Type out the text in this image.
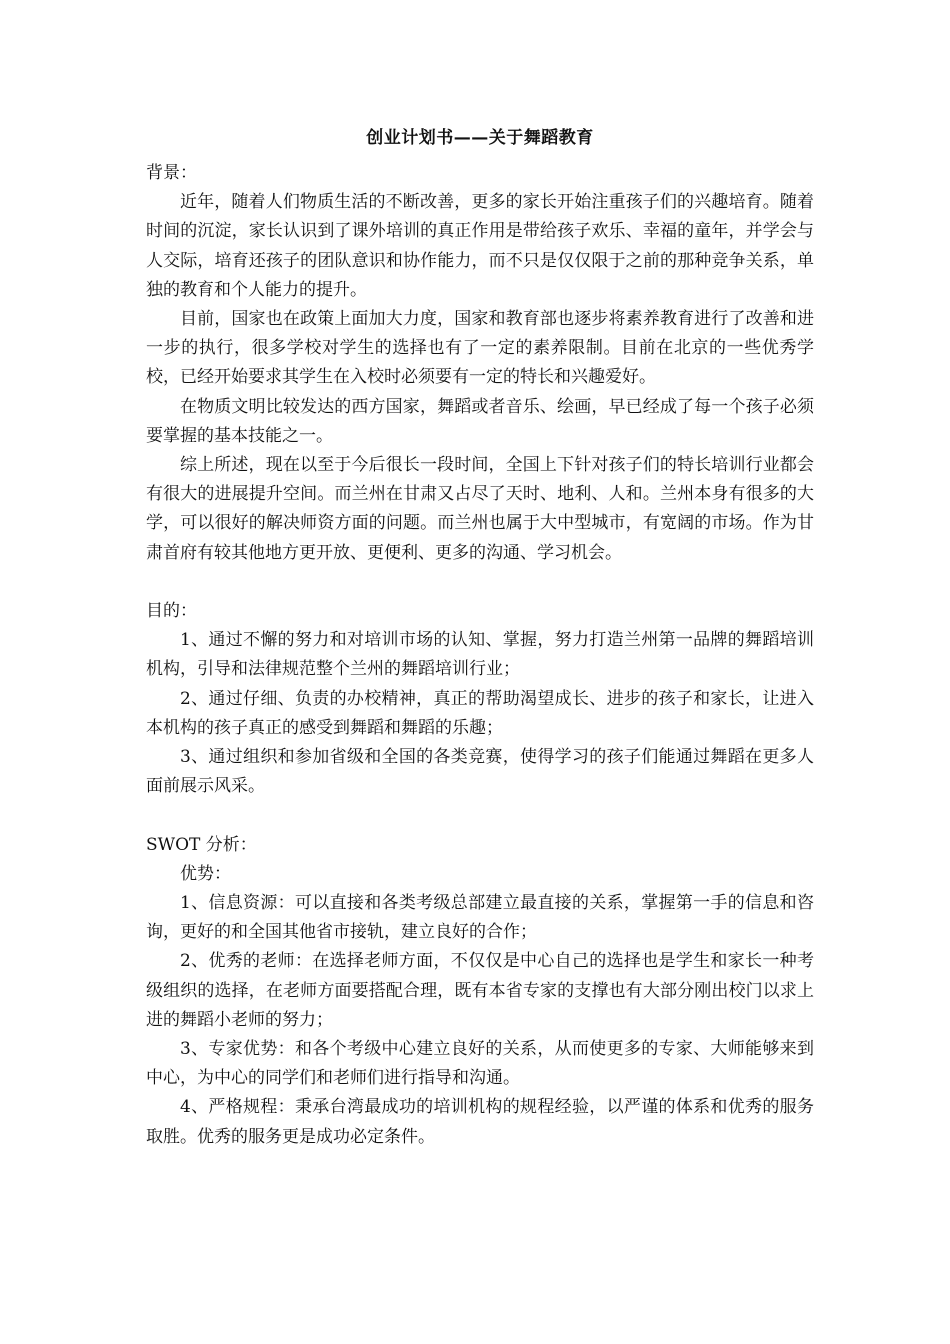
创业计划书——关于舞蹈教育

背景：

近年，随着人们物质生活的不断改善，更多的家长开始注重孩子们的兴趣培育。随着时间的沉淀，家长认识到了课外培训的真正作用是带给孩子欢乐、幸福的童年，并学会与人交际，培育还孩子的团队意识和协作能力，而不只是仅仅限于之前的那种竞争关系，单独的教育和个人能力的提升。

目前，国家也在政策上面加大力度，国家和教育部也逐步将素养教育进行了改善和进一步的执行，很多学校对学生的选择也有了一定的素养限制。目前在北京的一些优秀学校，已经开始要求其学生在入校时必须要有一定的特长和兴趣爱好。

在物质文明比较发达的西方国家，舞蹈或者音乐、绘画，早已经成了每一个孩子必须要掌握的基本技能之一。

综上所述，现在以至于今后很长一段时间，全国上下针对孩子们的特长培训行业都会有很大的进展提升空间。而兰州在甘肃又占尽了天时、地利、人和。兰州本身有很多的大学，可以很好的解决师资方面的问题。而兰州也属于大中型城市，有宽阔的市场。作为甘肃首府有较其他地方更开放、更便利、更多的沟通、学习机会。

目的：

1、通过不懈的努力和对培训市场的认知、掌握，努力打造兰州第一品牌的舞蹈培训机构，引导和法律规范整个兰州的舞蹈培训行业；

2、通过仔细、负责的办校精神，真正的帮助渴望成长、进步的孩子和家长，让进入本机构的孩子真正的感受到舞蹈和舞蹈的乐趣；

3、通过组织和参加省级和全国的各类竞赛，使得学习的孩子们能通过舞蹈在更多人面前展示风采。

SWOT 分析：

优势：

1、信息资源：可以直接和各类考级总部建立最直接的关系，掌握第一手的信息和咨询，更好的和全国其他省市接轨，建立良好的合作；

2、优秀的老师：在选择老师方面，不仅仅是中心自己的选择也是学生和家长一种考级组织的选择，在老师方面要搭配合理，既有本省专家的支撑也有大部分刚出校门以求上进的舞蹈小老师的努力；

3、专家优势：和各个考级中心建立良好的关系，从而使更多的专家、大师能够来到中心，为中心的同学们和老师们进行指导和沟通。

4、严格规程：秉承台湾最成功的培训机构的规程经验，以严谨的体系和优秀的服务取胜。优秀的服务更是成功必定条件。
